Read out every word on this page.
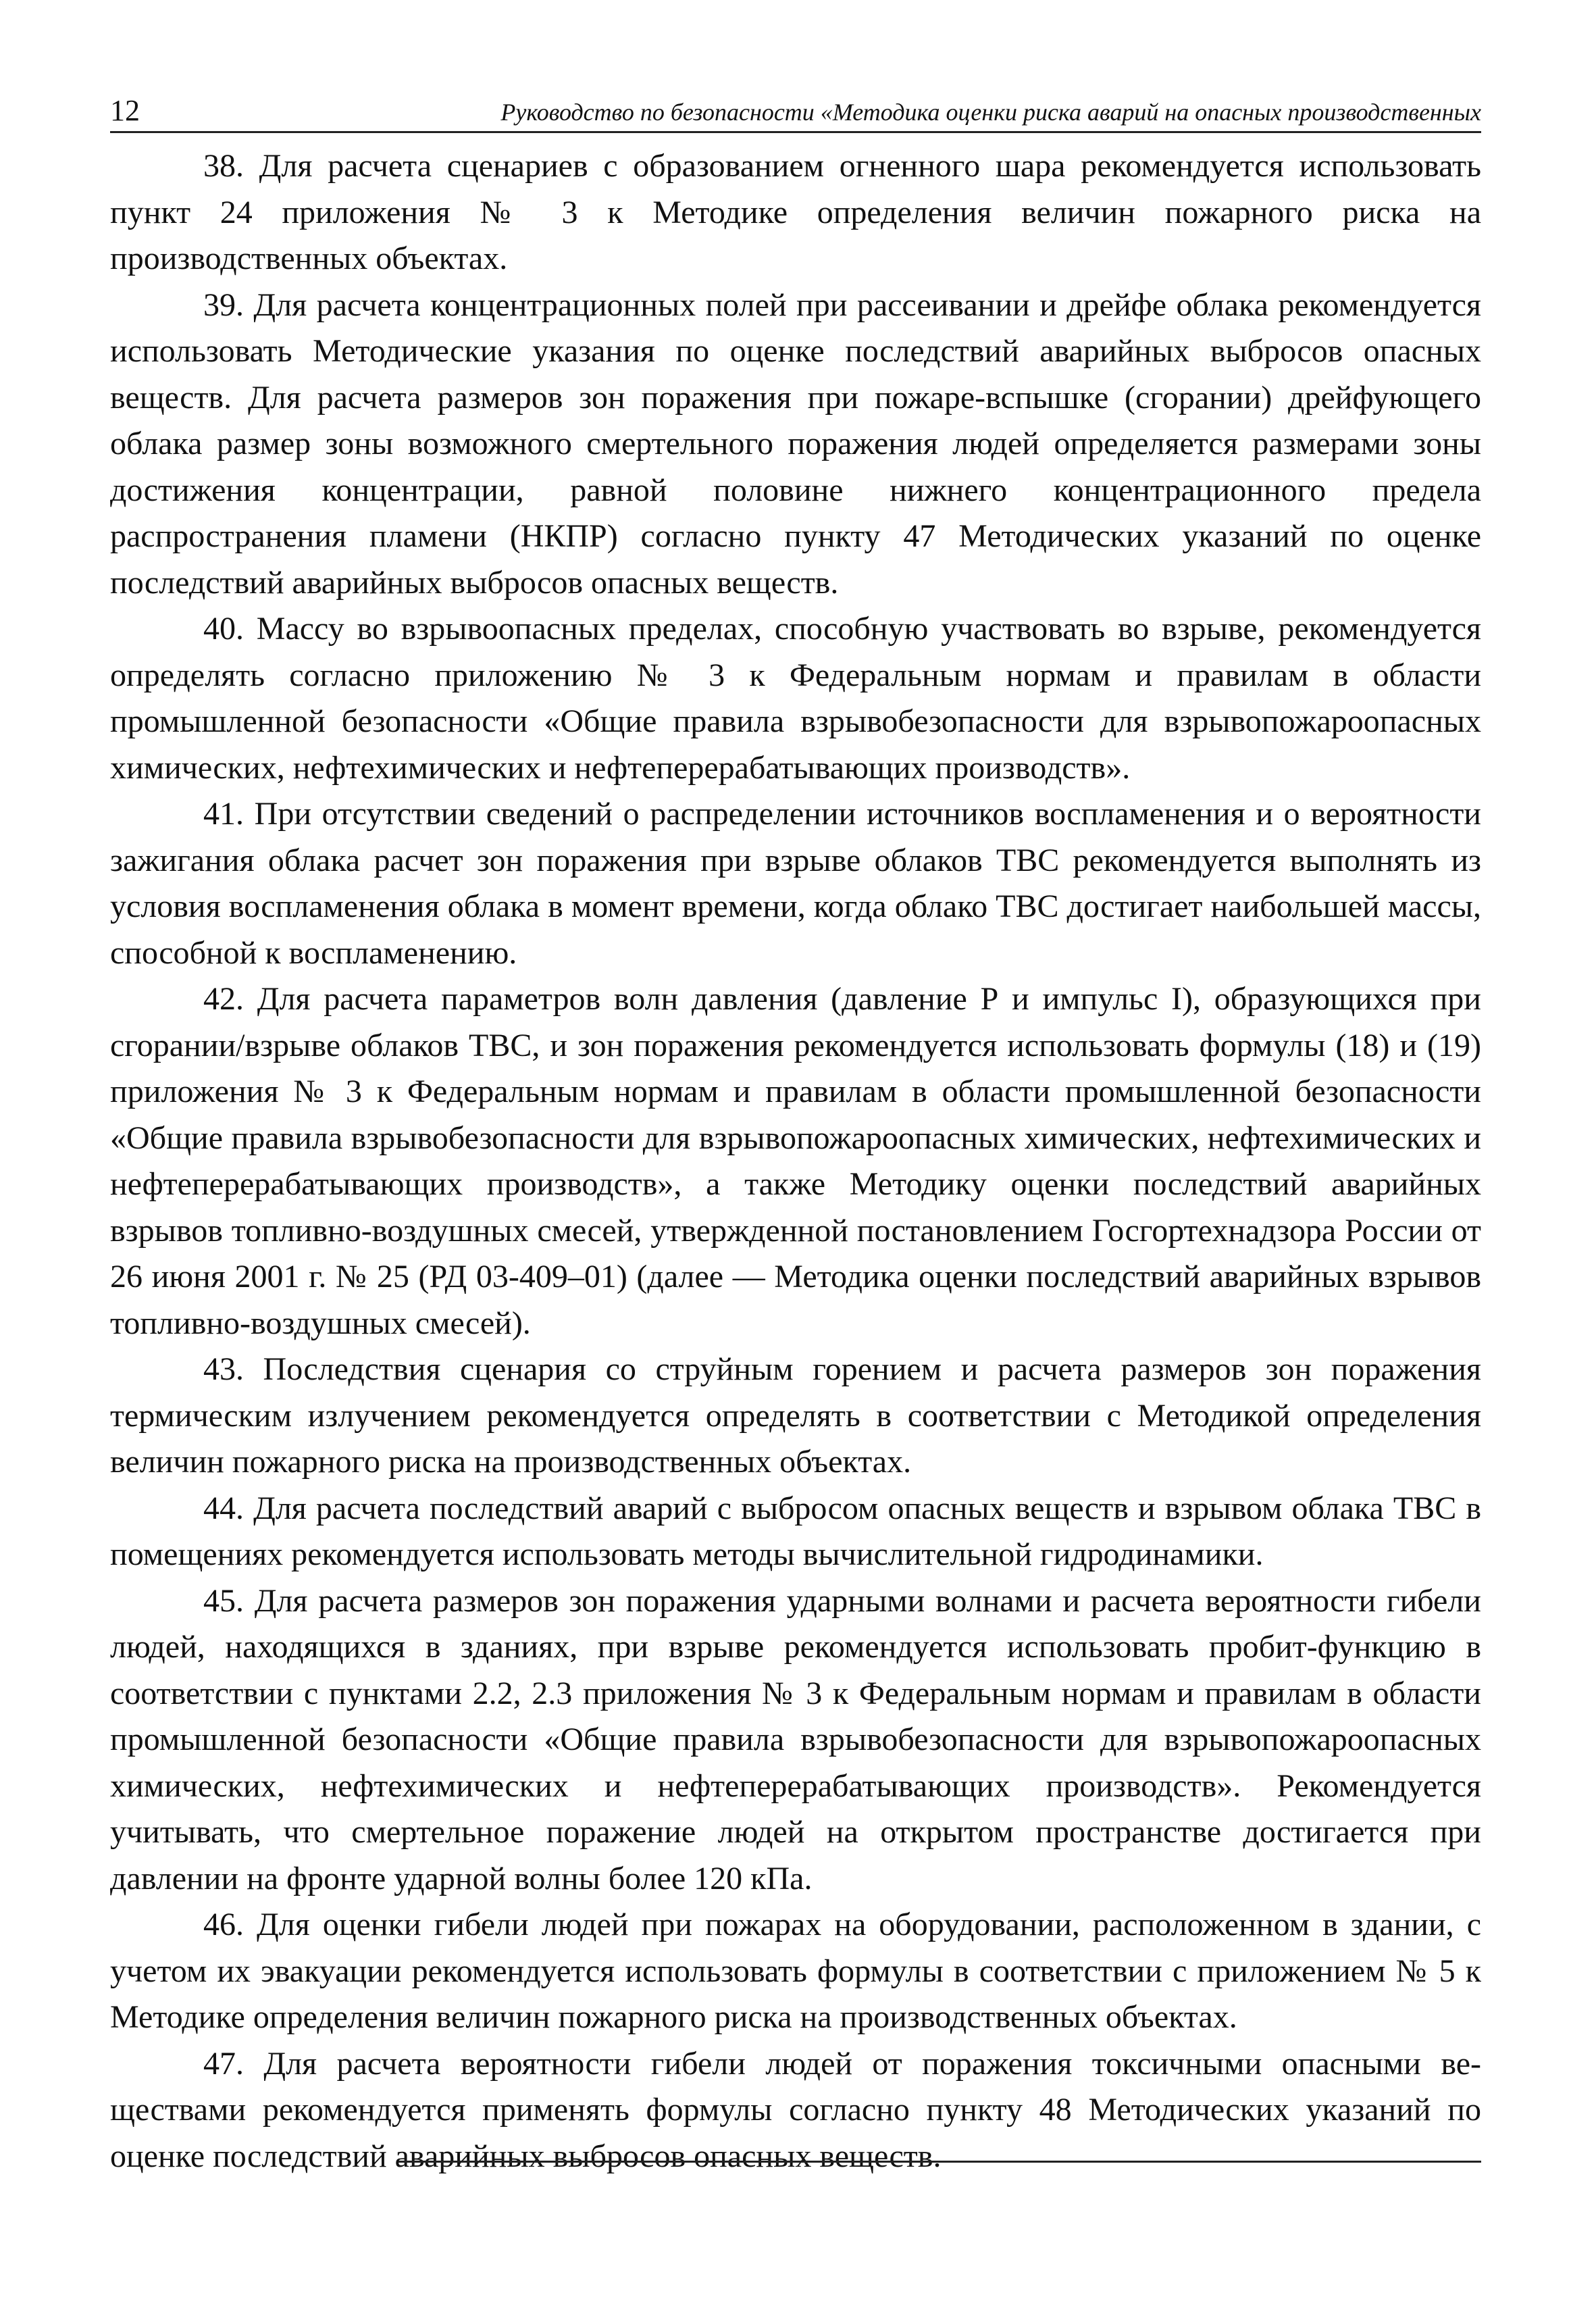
12	Руководство по безопасности «Методика оценки риска аварий на опасных производственных

38. Для расчета сценариев с образованием огненного шара рекомендуется использовать пункт 24 приложения № 3 к Методике определения величин пожарного риска на производственных объектах.

39. Для расчета концентрационных полей при рассеивании и дрейфе облака рекомендуется использовать Методические указания по оценке последствий аварийных выбросов опасных веществ. Для расчета размеров зон поражения при пожаре-вспышке (сгорании) дрейфующего облака размер зоны возможного смертельного поражения людей определяется размерами зоны достижения концентрации, равной половине нижнего концентрационного предела распространения пламени (НКПР) согласно пункту 47 Методических указаний по оценке последствий аварийных выбросов опасных веществ.

40. Массу во взрывоопасных пределах, способную участвовать во взрыве, рекомендуется определять согласно приложению № 3 к Федеральным нормам и правилам в области промышленной безопасности «Общие правила взрывобезопасности для взрывопожароопасных химических, нефтехимических и нефтеперерабатывающих производств».

41. При отсутствии сведений о распределении источников воспламенения и о вероятности зажигания облака расчет зон поражения при взрыве облаков ТВС рекомендуется выполнять из условия воспламенения облака в момент времени, когда облако ТВС достигает наибольшей массы, способной к воспламенению.

42. Для расчета параметров волн давления (давление Р и импульс I), образующихся при сгорании/взрыве облаков ТВС, и зон поражения рекомендуется использовать формулы (18) и (19) приложения № 3 к Федеральным нормам и правилам в области промышленной безопасности «Общие правила взрывобезопасности для взрывопожароопасных химических, нефтехимических и нефтеперерабатывающих производств», а также Методику оценки последствий аварийных взрывов топливно-воздушных смесей, утвержденной постановлением Госгортехнадзора России от 26 июня 2001 г. № 25 (РД 03-409–01) (далее — Методика оценки последствий аварийных взрывов топливно-воздушных смесей).

43. Последствия сценария со струйным горением и расчета размеров зон поражения термическим излучением рекомендуется определять в соответствии с Методикой определения величин пожарного риска на производственных объектах.

44. Для расчета последствий аварий с выбросом опасных веществ и взрывом облака ТВС в помещениях рекомендуется использовать методы вычислительной гидродинамики.

45. Для расчета размеров зон поражения ударными волнами и расчета вероятности гибели людей, находящихся в зданиях, при взрыве рекомендуется использовать пробит-функцию в соответствии с пунктами 2.2, 2.3 приложения № 3 к Федеральным нормам и правилам в области промышленной безопасности «Общие правила взрывобезопасности для взрывопожароопасных химических, нефтехимических и нефтеперерабатывающих производств». Рекомендуется учитывать, что смертельное поражение людей на открытом пространстве достигается при давлении на фронте ударной волны более 120 кПа.

46. Для оценки гибели людей при пожарах на оборудовании, расположенном в здании, с учетом их эвакуации рекомендуется использовать формулы в соответствии с приложением № 5 к Методике определения величин пожарного риска на производственных объектах.

47. Для расчета вероятности гибели людей от поражения токсичными опасными веществами рекомендуется применять формулы согласно пункту 48 Методических указаний по оценке последствий аварийных выбросов опасных веществ.
